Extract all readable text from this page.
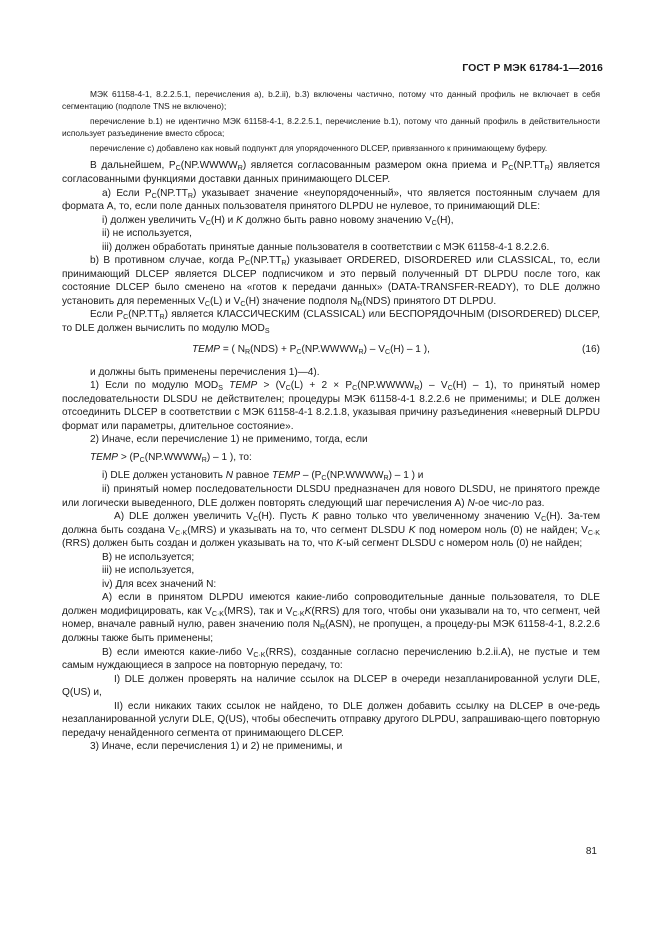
ГОСТ Р МЭК 61784-1—2016

МЭК 61158-4-1, 8.2.2.5.1, перечисления а), b.2.ii), b.3) включены частично, потому что данный профиль не включает в себя сегментацию (подполе TNS не включено);

перечисление b.1) не идентично МЭК 61158-4-1, 8.2.2.5.1, перечисление b.1), потому что данный профиль в действительности использует разъединение вместо сброса;

перечисление с) добавлено как новый подпункт для упорядоченного DLCEP, привязанного к принимающему буферу.

В дальнейшем, $P_C(NP.WWWW_R)$ является согласованным размером окна приема и $P_C(NP.TT_R)$ является согласованными функциями доставки данных принимающего DLCEP.

а) Если $P_C(NP.TT_R)$ указывает значение «неупорядоченный», что является постоянным случаем для формата A, то, если поле данных пользователя принятого DLPDU не нулевое, то принимающий DLE:

i) должен увеличить $V_C(H)$ и K должно быть равно новому значению $V_C(H)$,

ii) не используется,

iii) должен обработать принятые данные пользователя в соответствии с МЭК 61158-4-1 8.2.2.6.

b) В противном случае, когда $P_C(NP.TT_R)$ указывает ORDERED, DISORDERED или CLASSICAL, то, если принимающий DLCEP является DLCEP подписчиком и это первый полученный DT DLPDU после того, как состояние DLCEP было сменено на «готов к передачи данных» (DATA-TRANSFER-READY), то DLE должно установить для переменных $V_C(L)$ и $V_C(H)$ значение подполя $N_R(NDS)$ принятого DT DLPDU.

Если $P_C(NP.TT_R)$ является КЛАССИЧЕСКИМ (CLASSICAL) или БЕСПОРЯДОЧНЫМ (DISORDERED) DLCEP, то DLE должен вычислить по модулю $MOD_S$

TEMP = ( $N_R(NDS)$ + $P_C(NP.WWWW_R) - V_C(H) - 1$ ),	(16)

и должны быть применены перечисления 1)—4).

1) Если по модулю $MOD_S$ TEMP > ($V_C(L) + 2$ × $P_C(NP.WWWW_R) - V_C(H) - 1$), то принятый номер последовательности DLSDU не действителен; процедуры МЭК 61158-4-1 8.2.2.6 не применимы; и DLE должен отсоединить DLCEP в соответствии с МЭК 61158-4-1 8.2.1.8, указывая причину разъединения «неверный DLPDU формат или параметры, длительное состояние».

2) Иначе, если перечисление 1) не применимо, тогда, если

TEMP > ($P_C(NP.WWWW_R) - 1$ ), то:

i) DLE должен установить N равное TEMP – ($P_C(NP.WWWW_R) - 1$ ) и

ii) принятый номер последовательности DLSDU предназначен для нового DLSDU, не принятого прежде или логически выведенного, DLE должен повторять следующий шаг перечисления A) N-ое чис-ло раз.

A) DLE должен увеличить $V_C(H)$. Пусть K равно только что увеличенному значению $V_C(H)$. За-тем должна быть создана $V_{C\cdot K}(MRS)$ и указывать на то, что сегмент DLSDU K под номером ноль (0) не найден; $V_{C\cdot K}$ (RRS) должен быть создан и должен указывать на то, что K-ый сегмент DLSDU с номером ноль (0) не найден;

B) не используется;

iii) не используется,

iv) Для всех значений N:

A) если в принятом DLPDU имеются какие-либо сопроводительные данные пользователя, то DLE должен модифицировать, как $V_{C\cdot K}(MRS)$, так и $V_{C\cdot K}K(RRS)$ для того, чтобы они указывали на то, что сегмент, чей номер, вначале равный нулю, равен значению поля $N_R(ASN)$, не пропущен, а процеду-ры МЭК 61158-4-1, 8.2.2.6 должны также быть применены;

B) если имеются какие-либо $V_{C\cdot K}(RRS)$, созданные согласно перечислению b.2.ii.A), не пустые и тем самым нуждающиеся в запросе на повторную передачу, то:

I) DLE должен проверять на наличие ссылок на DLCEP в очереди незапланированной услуги DLE, Q(US) и,

II) если никаких таких ссылок не найдено, то DLE должен добавить ссылку на DLCEP в оче-редь незапланированной услуги DLE, Q(US), чтобы обеспечить отправку другого DLPDU, запрашиваю-щего повторную передачу ненайденного сегмента от принимающего DLCEP.

3) Иначе, если перечисления 1) и 2) не применимы, и

81
